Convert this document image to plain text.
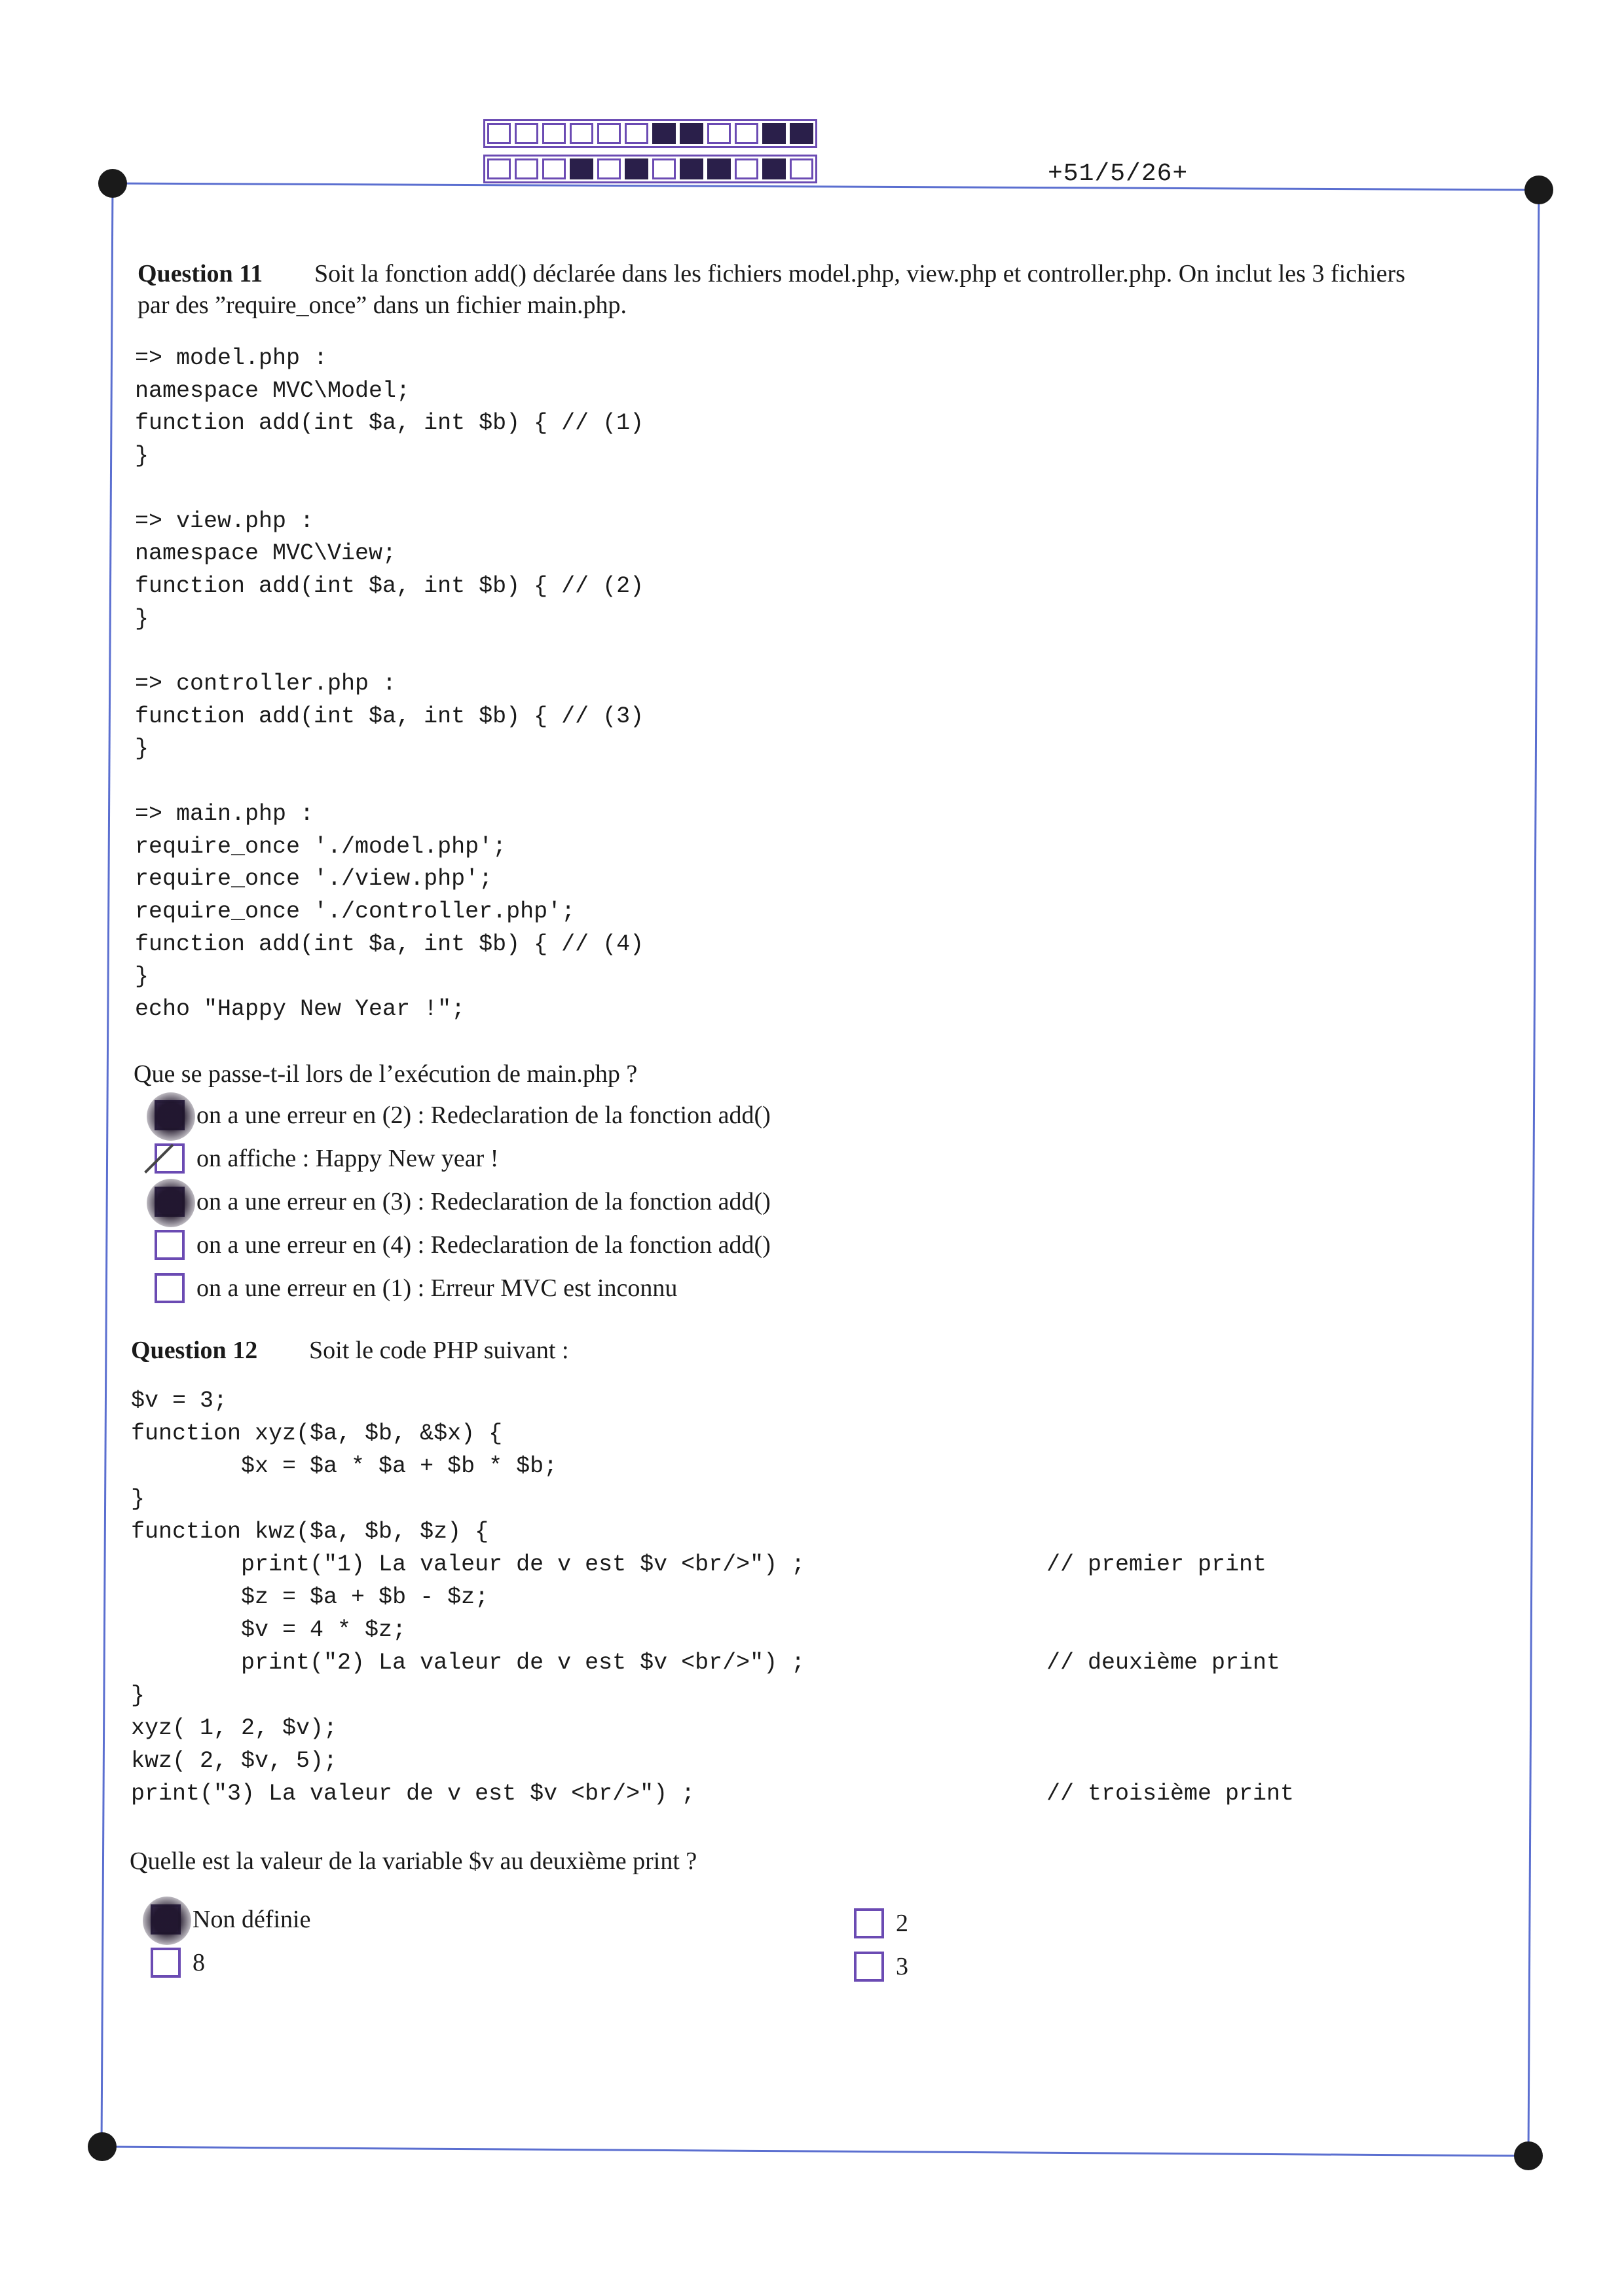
+51/5/26+
Question 11	Soit la fonction add() déclarée dans les fichiers model.php, view.php et controller.php. On inclut les 3 fichiers
par des ”require_once” dans un fichier main.php.
=> model.php :
namespace MVC\Model;
function add(int $a, int $b) { // (1)
}
=> view.php :
namespace MVC\View;
function add(int $a, int $b) { // (2)
}
=> controller.php :
function add(int $a, int $b) { // (3)
}
=> main.php :
require_once './model.php';
require_once './view.php';
require_once './controller.php';
function add(int $a, int $b) { // (4)
}
echo "Happy New Year !";
Que se passe-t-il lors de l’exécution de main.php ?
on a une erreur en (2) : Redeclaration de la fonction add()
on affiche : Happy New year !
on a une erreur en (3) : Redeclaration de la fonction add()
on a une erreur en (4) : Redeclaration de la fonction add()
on a une erreur en (1) : Erreur MVC est inconnu
Question 12	Soit le code PHP suivant :
$v = 3;
function xyz($a, $b, &$x) {
$x = $a * $a + $b * $b;
}
function kwz($a, $b, $z) {
print("1) La valeur de v est $v <br/>") ;
$z = $a + $b - $z;
$v = 4 * $z;
print("2) La valeur de v est $v <br/>") ;
}
xyz( 1, 2, $v);
kwz( 2, $v, 5);
print("3) La valeur de v est $v <br/>") ;
// premier print
// deuxième print
// troisième print
Quelle est la valeur de la variable $v au deuxième print ?
Non définie
8
2
3
